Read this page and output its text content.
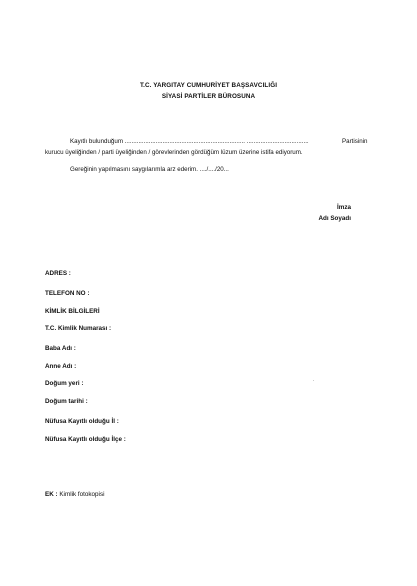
T.C. YARGITAY CUMHURİYET BAŞSAVCILIĞI
SİYASİ PARTİLER BÜROSUNA
Kayıtlı bulunduğum ...................................................................... ....................................	Partisinin
kurucu üyeliğinden / parti üyeliğinden / görevlerinden gördüğüm lüzum üzerine istifa ediyorum.
Gereğinin yapılmasını saygılarımla arz ederim. ..../..../20...
İmza
Adı Soyadı
ADRES :
TELEFON NO :
KİMLİK BİLGİLERİ
T.C. Kimlik Numarası :
Baba Adı :
Anne Adı :
Doğum yeri :
Doğum tarihi :
Nüfusa Kayıtlı olduğu İl :
Nüfusa Kayıtlı olduğu İlçe :
EK : Kimlik fotokopisi
